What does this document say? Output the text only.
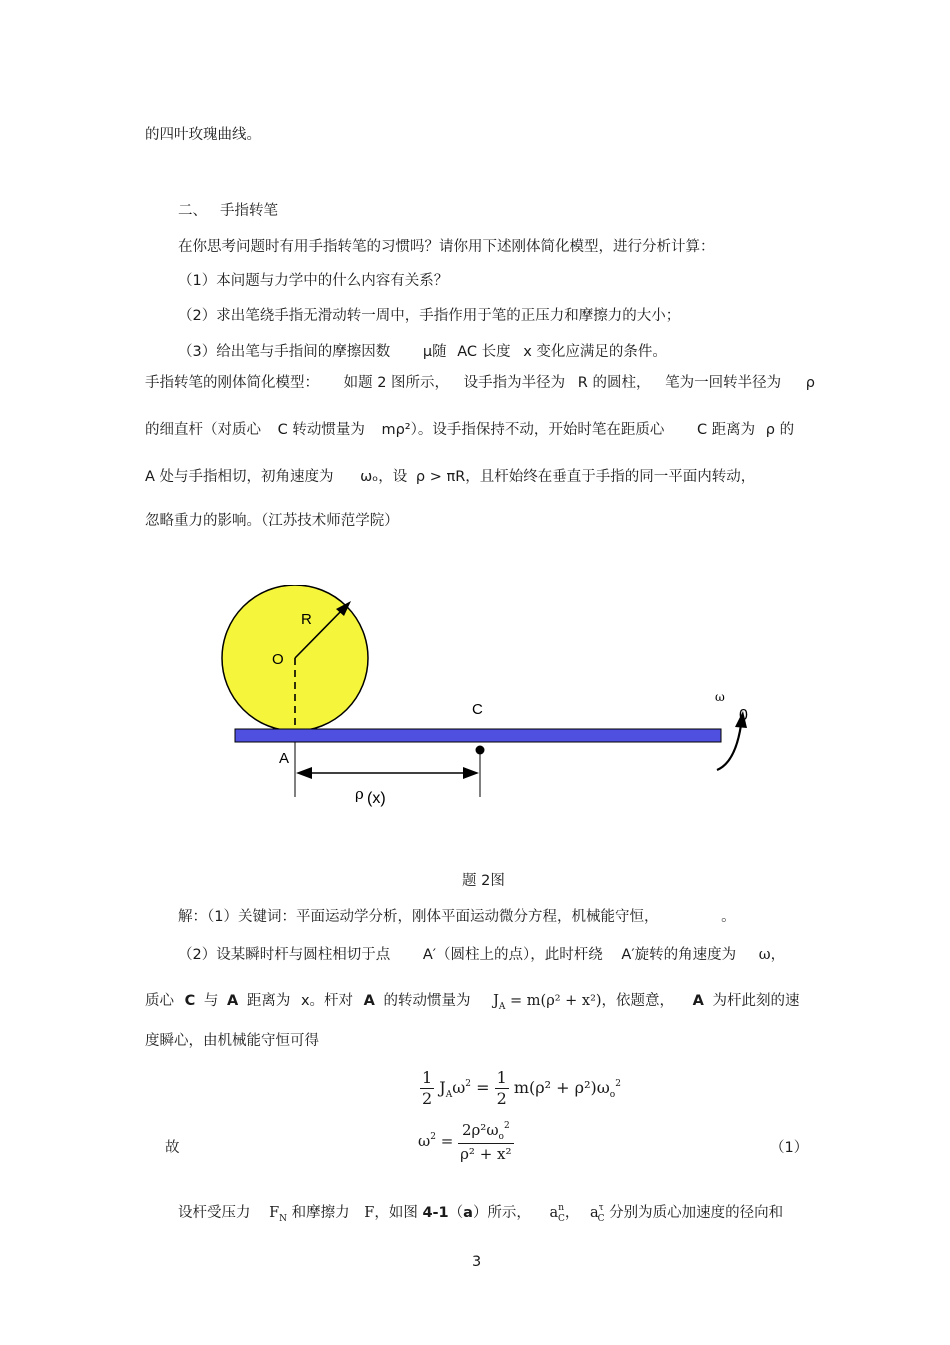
的四叶玫瑰曲线。
二、 手指转笔
在你思考问题时有用手指转笔的习惯吗？请你用下述刚体简化模型，进行分析计算：
（1）本问题与力学中的什么内容有关系？
（2）求出笔绕手指无滑动转一周中，手指作用于笔的正压力和摩擦力的大小；
（3）给出笔与手指间的摩擦因数 μ随 AC 长度 x 变化应满足的条件。
手指转笔的刚体简化模型： 如题 2 图所示， 设手指为半径为 R 的圆柱， 笔为一回转半径为 ρ
的细直杆（对质心 C 转动惯量为 mρ²）。设手指保持不动，开始时笔在距质心 C 距离为 ρ 的
A 处与手指相切，初角速度为 ωₒ，设 ρ > πR，且杆始终在垂直于手指的同一平面内转动，
忽略重力的影响。（江苏技术师范学院）
R
O
C
A
ω
0
ρ (x)
题 2图
解：（1）关键词：平面运动学分析，刚体平面运动微分方程，机械能守恒，	。
（2）设某瞬时杆与圆柱相切于点 A′（圆柱上的点），此时杆绕 A′旋转的角速度为 ω，
质心 C 与 A 距离为 x。杆对 A 的转动惯量为 $J_A = m(\rho^2 + x^2)$，依题意， A 为杆此刻的速
度瞬心，由机械能守恒可得
$\frac{1}{2} J_A\omega^2 = \frac{1}{2} m(\rho^2 + \rho^2)\omega_o^2$
故	$\omega^2 = \frac{2\rho^2\omega_o^2}{\text{ρ² + x²}}$	（1）
设杆受压力 $F_N$ 和摩擦力 F，如图 4-1（a）所示， $a^n_C$， $a^\tau_C$ 分别为质心加速度的径向和
3
